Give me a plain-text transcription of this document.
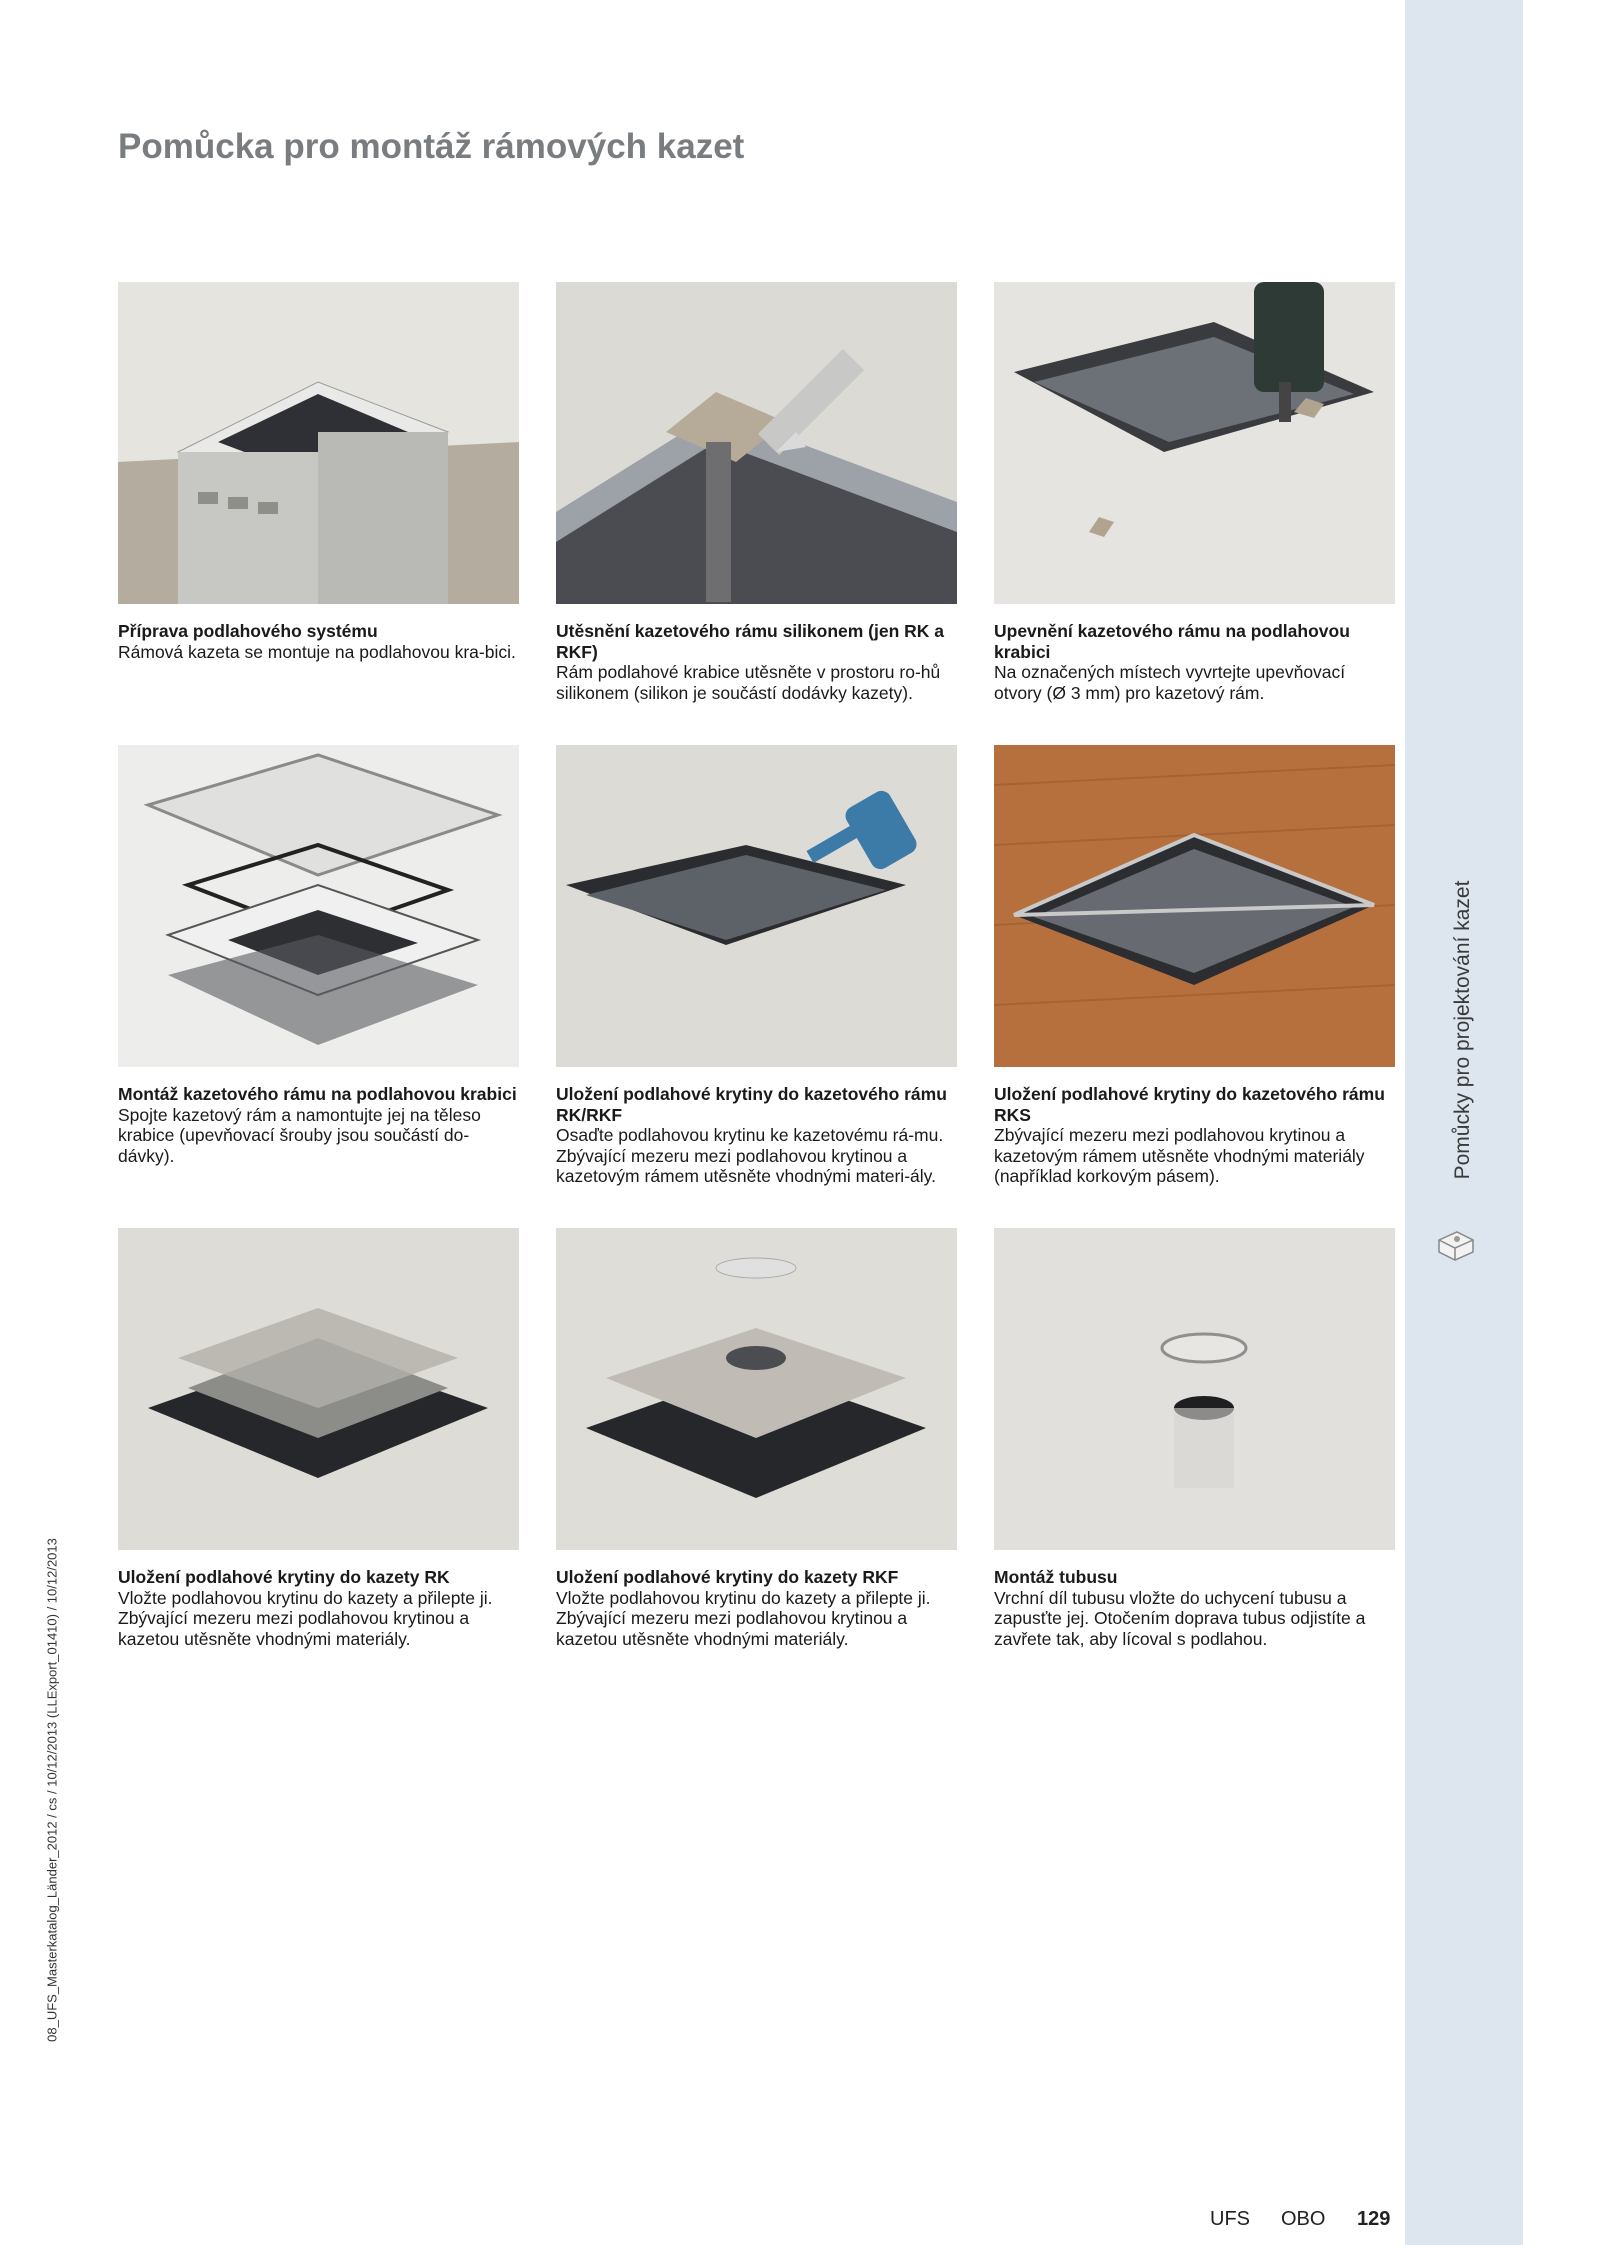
Pomůcky pro projektování kazet
08_UFS_Masterkatalog_Länder_2012 / cs / 10/12/2013 (LLExport_01410) / 10/12/2013
Pomůcka pro montáž rámových kazet
Příprava podlahového systému
Rámová kazeta se montuje na podlahovou kra-bici.
Utěsnění kazetového rámu silikonem (jen RK a RKF)
Rám podlahové krabice utěsněte v prostoru ro-hů silikonem (silikon je součástí dodávky kazety).
Upevnění kazetového rámu na podlahovou krabici
Na označených místech vyvrtejte upevňovací otvory (Ø 3 mm) pro kazetový rám.
Montáž kazetového rámu na podlahovou krabici
Spojte kazetový rám a namontujte jej na těleso krabice (upevňovací šrouby jsou součástí do-dávky).
Uložení podlahové krytiny do kazetového rámu RK/RKF
Osaďte podlahovou krytinu ke kazetovému rá-mu. Zbývající mezeru mezi podlahovou krytinou a kazetovým rámem utěsněte vhodnými materi-ály.
Uložení podlahové krytiny do kazetového rámu RKS
Zbývající mezeru mezi podlahovou krytinou a kazetovým rámem utěsněte vhodnými materiály (například korkovým pásem).
Uložení podlahové krytiny do kazety RK
Vložte podlahovou krytinu do kazety a přilepte ji. Zbývající mezeru mezi podlahovou krytinou a kazetou utěsněte vhodnými materiály.
Uložení podlahové krytiny do kazety RKF
Vložte podlahovou krytinu do kazety a přilepte ji. Zbývající mezeru mezi podlahovou krytinou a kazetou utěsněte vhodnými materiály.
Montáž tubusu
Vrchní díl tubusu vložte do uchycení tubusu a zapusťte jej. Otočením doprava tubus odjistíte a zavřete tak, aby lícoval s podlahou.
UFS OBO 129
